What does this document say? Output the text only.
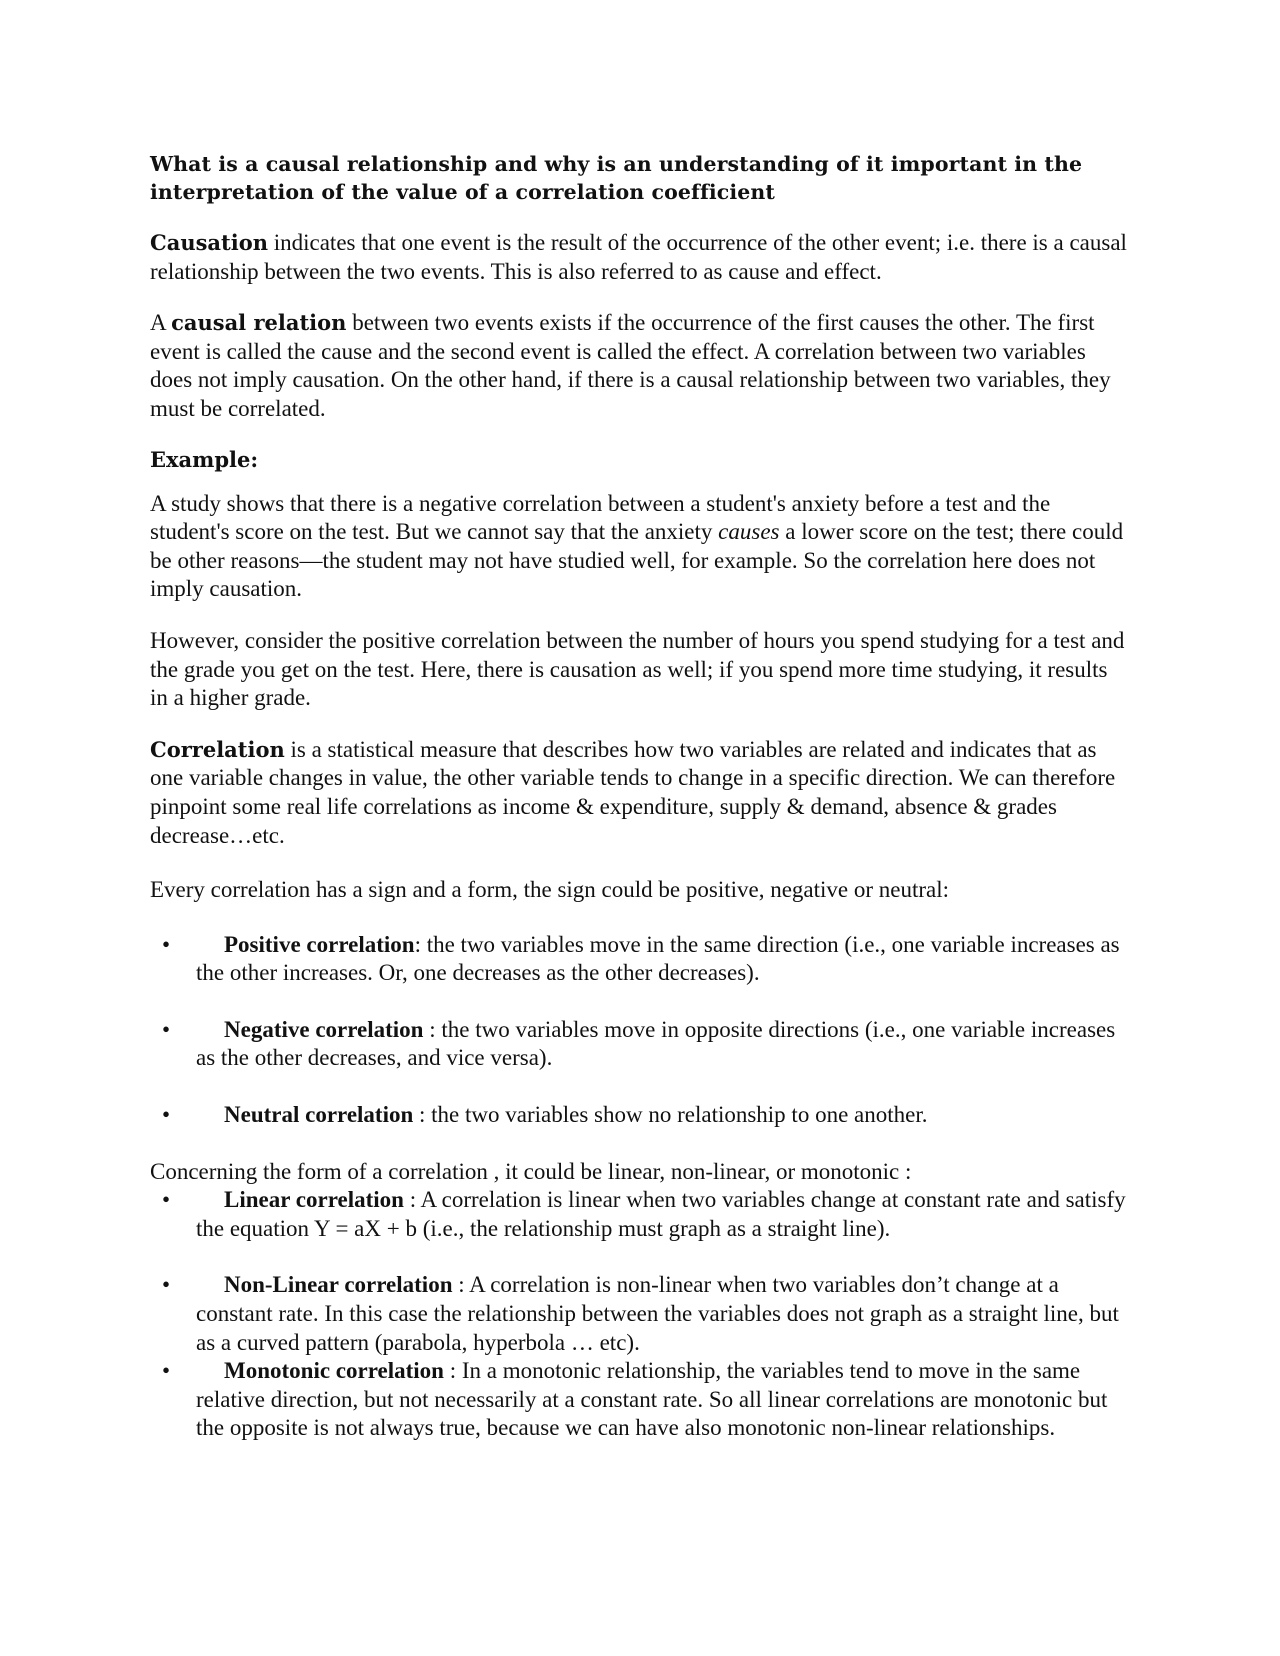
What is a causal relationship and why is an understanding of it important in the interpretation of the value of a correlation coefficient

Causation indicates that one event is the result of the occurrence of the other event; i.e. there is a causal relationship between the two events. This is also referred to as cause and effect.

A causal relation between two events exists if the occurrence of the first causes the other. The first event is called the cause and the second event is called the effect. A correlation between two variables does not imply causation. On the other hand, if there is a causal relationship between two variables, they must be correlated.

Example:

A study shows that there is a negative correlation between a student's anxiety before a test and the student's score on the test. But we cannot say that the anxiety causes a lower score on the test; there could be other reasons—the student may not have studied well, for example. So the correlation here does not imply causation.

However, consider the positive correlation between the number of hours you spend studying for a test and the grade you get on the test. Here, there is causation as well; if you spend more time studying, it results in a higher grade.

Correlation is a statistical measure that describes how two variables are related and indicates that as one variable changes in value, the other variable tends to change in a specific direction. We can therefore pinpoint some real life correlations as income & expenditure, supply & demand, absence & grades decrease…etc.

Every correlation has a sign and a form, the sign could be positive, negative or neutral:

• Positive correlation: the two variables move in the same direction (i.e., one variable increases as the other increases. Or, one decreases as the other decreases).
• Negative correlation : the two variables move in opposite directions (i.e., one variable increases as the other decreases, and vice versa).
• Neutral correlation : the two variables show no relationship to one another.

Concerning the form of a correlation , it could be linear, non-linear, or monotonic :

• Linear correlation : A correlation is linear when two variables change at constant rate and satisfy the equation Y = aX + b (i.e., the relationship must graph as a straight line).
• Non-Linear correlation : A correlation is non-linear when two variables don’t change at a constant rate. In this case the relationship between the variables does not graph as a straight line, but as a curved pattern (parabola, hyperbola … etc).
• Monotonic correlation : In a monotonic relationship, the variables tend to move in the same relative direction, but not necessarily at a constant rate. So all linear correlations are monotonic but the opposite is not always true, because we can have also monotonic non-linear relationships.
